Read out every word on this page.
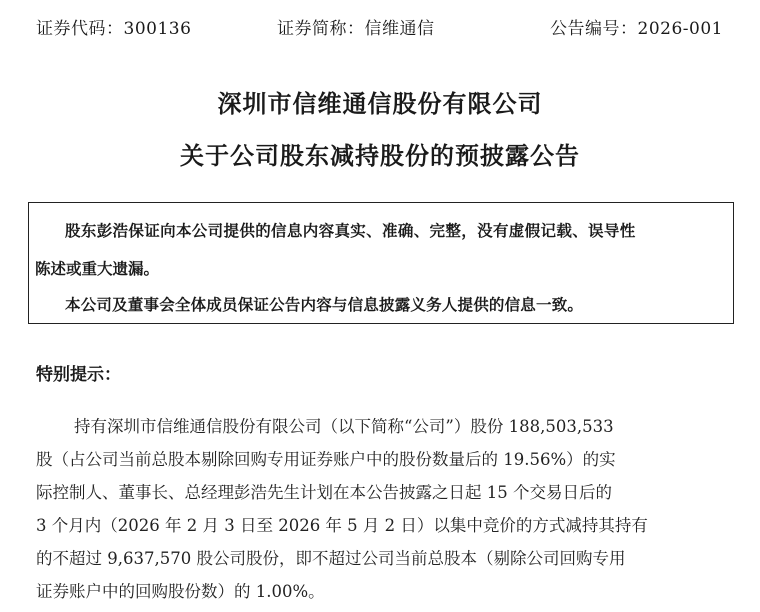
证券代码：300136	证券简称：信维通信	公告编号：2026-001
深圳市信维通信股份有限公司
关于公司股东减持股份的预披露公告
股东彭浩保证向本公司提供的信息内容真实、准确、完整，没有虚假记载、误导性
陈述或重大遗漏。
本公司及董事会全体成员保证公告内容与信息披露义务人提供的信息一致。
特别提示：
持有深圳市信维通信股份有限公司（以下简称“公司”）股份 188,503,533
股（占公司当前总股本剔除回购专用证券账户中的股份数量后的 19.56%）的实
际控制人、董事长、总经理彭浩先生计划在本公告披露之日起 15 个交易日后的
3 个月内（2026 年 2 月 3 日至 2026 年 5 月 2 日）以集中竞价的方式减持其持有
的不超过 9,637,570 股公司股份，即不超过公司当前总股本（剔除公司回购专用
证券账户中的回购股份数）的 1.00%。
